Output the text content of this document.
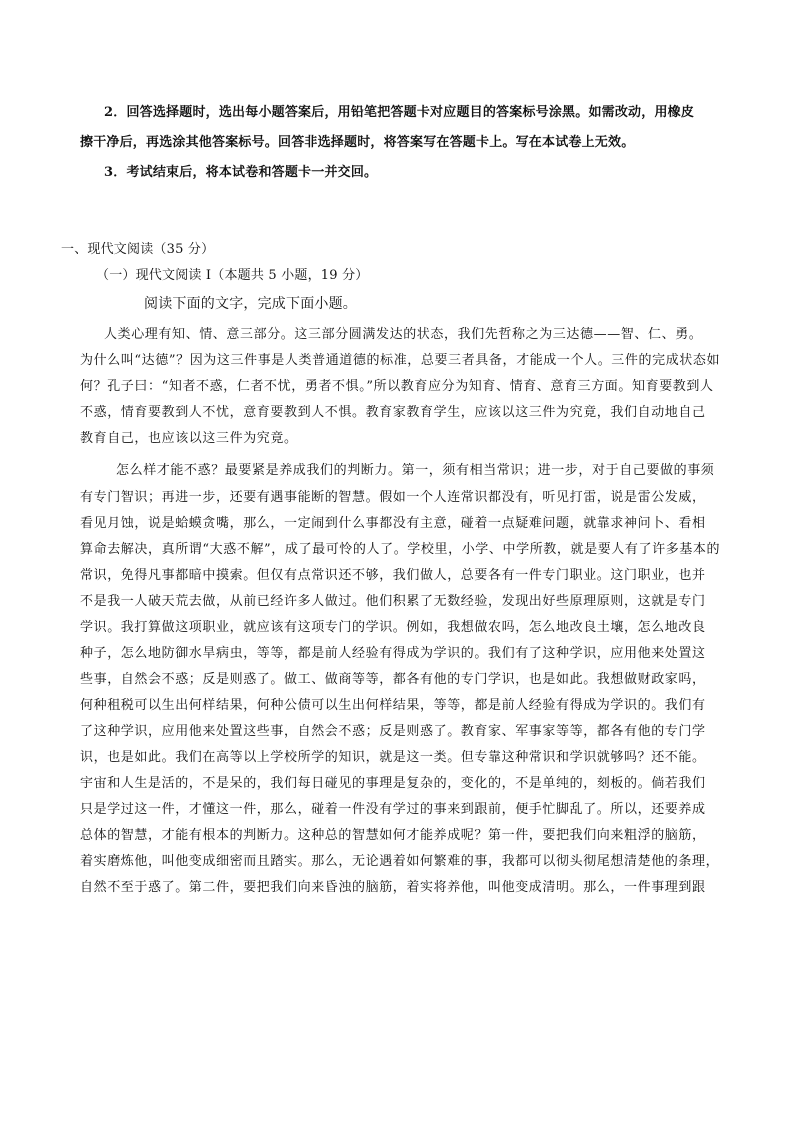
2．回答选择题时，选出每小题答案后，用铅笔把答题卡对应题目的答案标号涂黑。如需改动，用橡皮
擦干净后，再选涂其他答案标号。回答非选择题时，将答案写在答题卡上。写在本试卷上无效。
3．考试结束后，将本试卷和答题卡一并交回。
一、现代文阅读（35 分）
（一）现代文阅读 I（本题共 5 小题，19 分）
阅读下面的文字，完成下面小题。
人类心理有知、情、意三部分。这三部分圆满发达的状态，我们先哲称之为三达德——智、仁、勇。
为什么叫“达德”？因为这三件事是人类普通道德的标准，总要三者具备，才能成一个人。三件的完成状态如
何？孔子曰：“知者不惑，仁者不忧，勇者不惧。”所以教育应分为知育、情育、意育三方面。知育要教到人
不惑，情育要教到人不忧，意育要教到人不惧。教育家教育学生，应该以这三件为究竟，我们自动地自己
教育自己，也应该以这三件为究竟。
怎么样才能不惑？最要紧是养成我们的判断力。第一，须有相当常识；进一步，对于自己要做的事须
有专门智识；再进一步，还要有遇事能断的智慧。假如一个人连常识都没有，听见打雷，说是雷公发威，
看见月蚀，说是蛤蟆贪嘴，那么，一定闹到什么事都没有主意，碰着一点疑难问题，就靠求神问卜、看相
算命去解决，真所谓“大惑不解”，成了最可怜的人了。学校里，小学、中学所教，就是要人有了许多基本的
常识，免得凡事都暗中摸索。但仅有点常识还不够，我们做人，总要各有一件专门职业。这门职业，也并
不是我一人破天荒去做，从前已经许多人做过。他们积累了无数经验，发现出好些原理原则，这就是专门
学识。我打算做这项职业，就应该有这项专门的学识。例如，我想做农吗，怎么地改良土壤，怎么地改良
种子，怎么地防御水旱病虫，等等，都是前人经验有得成为学识的。我们有了这种学识，应用他来处置这
些事，自然会不惑；反是则惑了。做工、做商等等，都各有他的专门学识，也是如此。我想做财政家吗，
何种租税可以生出何样结果，何种公债可以生出何样结果，等等，都是前人经验有得成为学识的。我们有
了这种学识，应用他来处置这些事，自然会不惑；反是则惑了。教育家、军事家等等，都各有他的专门学
识，也是如此。我们在高等以上学校所学的知识，就是这一类。但专靠这种常识和学识就够吗？还不能。
宇宙和人生是活的，不是呆的，我们每日碰见的事理是复杂的，变化的，不是单纯的，刻板的。倘若我们
只是学过这一件，才懂这一件，那么，碰着一件没有学过的事来到跟前，便手忙脚乱了。所以，还要养成
总体的智慧，才能有根本的判断力。这种总的智慧如何才能养成呢？第一件，要把我们向来粗浮的脑筋，
着实磨炼他，叫他变成细密而且踏实。那么，无论遇着如何繁难的事，我都可以彻头彻尾想清楚他的条理，
自然不至于惑了。第二件，要把我们向来昏浊的脑筋，着实将养他，叫他变成清明。那么，一件事理到跟
